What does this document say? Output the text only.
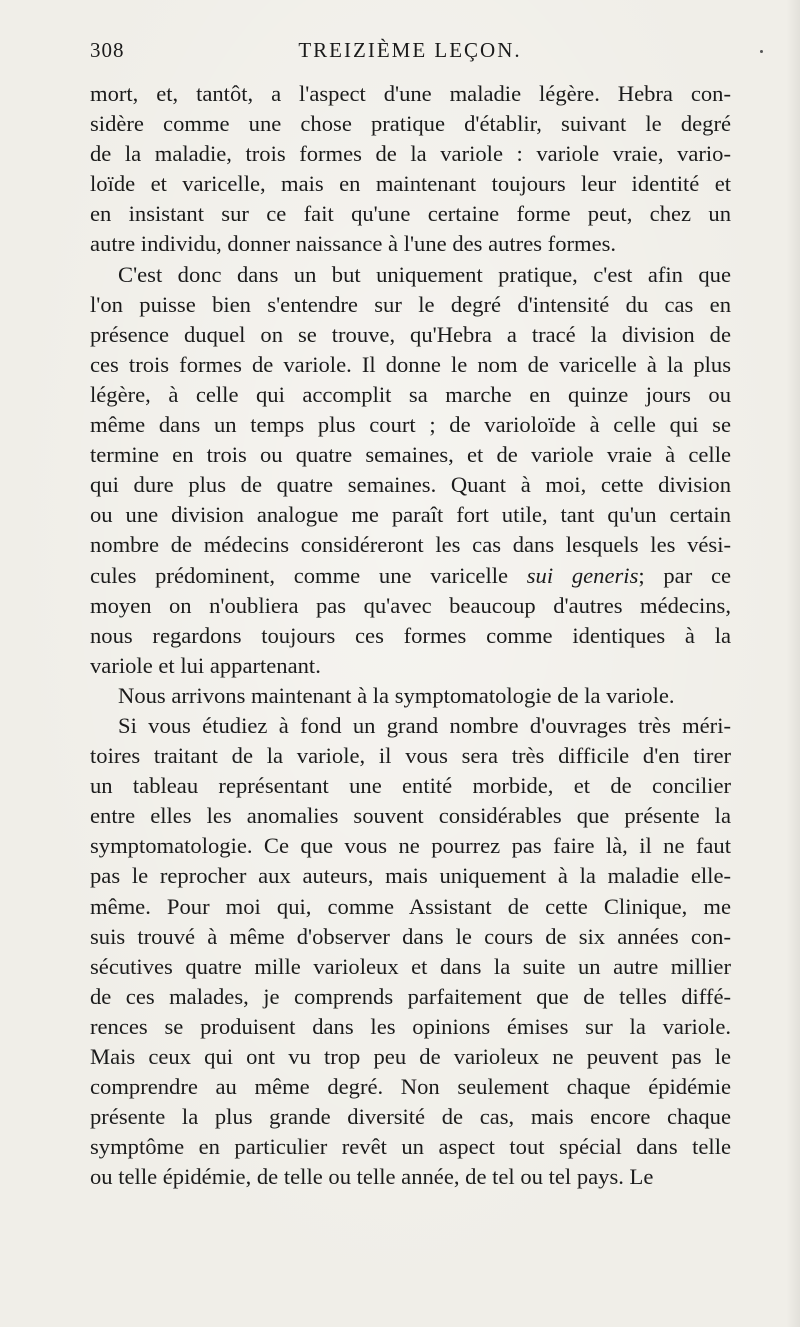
308	TREIZIÈME LEÇON.
mort, et, tantôt, a l'aspect d'une maladie légère. Hebra con-
sidère comme une chose pratique d'établir, suivant le degré
de la maladie, trois formes de la variole : variole vraie, vario-
loïde et varicelle, mais en maintenant toujours leur identité et
en insistant sur ce fait qu'une certaine forme peut, chez un
autre individu, donner naissance à l'une des autres formes.
C'est donc dans un but uniquement pratique, c'est afin que
l'on puisse bien s'entendre sur le degré d'intensité du cas en
présence duquel on se trouve, qu'Hebra a tracé la division de
ces trois formes de variole. Il donne le nom de varicelle à la plus
légère, à celle qui accomplit sa marche en quinze jours ou
même dans un temps plus court ; de varioloïde à celle qui se
termine en trois ou quatre semaines, et de variole vraie à celle
qui dure plus de quatre semaines. Quant à moi, cette division
ou une division analogue me paraît fort utile, tant qu'un certain
nombre de médecins considéreront les cas dans lesquels les vési-
cules prédominent, comme une varicelle sui generis; par ce
moyen on n'oubliera pas qu'avec beaucoup d'autres médecins,
nous regardons toujours ces formes comme identiques à la
variole et lui appartenant.
Nous arrivons maintenant à la symptomatologie de la variole.
Si vous étudiez à fond un grand nombre d'ouvrages très méri-
toires traitant de la variole, il vous sera très difficile d'en tirer
un tableau représentant une entité morbide, et de concilier
entre elles les anomalies souvent considérables que présente la
symptomatologie. Ce que vous ne pourrez pas faire là, il ne faut
pas le reprocher aux auteurs, mais uniquement à la maladie elle-
même. Pour moi qui, comme Assistant de cette Clinique, me
suis trouvé à même d'observer dans le cours de six années con-
sécutives quatre mille varioleux et dans la suite un autre millier
de ces malades, je comprends parfaitement que de telles diffé-
rences se produisent dans les opinions émises sur la variole.
Mais ceux qui ont vu trop peu de varioleux ne peuvent pas le
comprendre au même degré. Non seulement chaque épidémie
présente la plus grande diversité de cas, mais encore chaque
symptôme en particulier revêt un aspect tout spécial dans telle
ou telle épidémie, de telle ou telle année, de tel ou tel pays. Le
